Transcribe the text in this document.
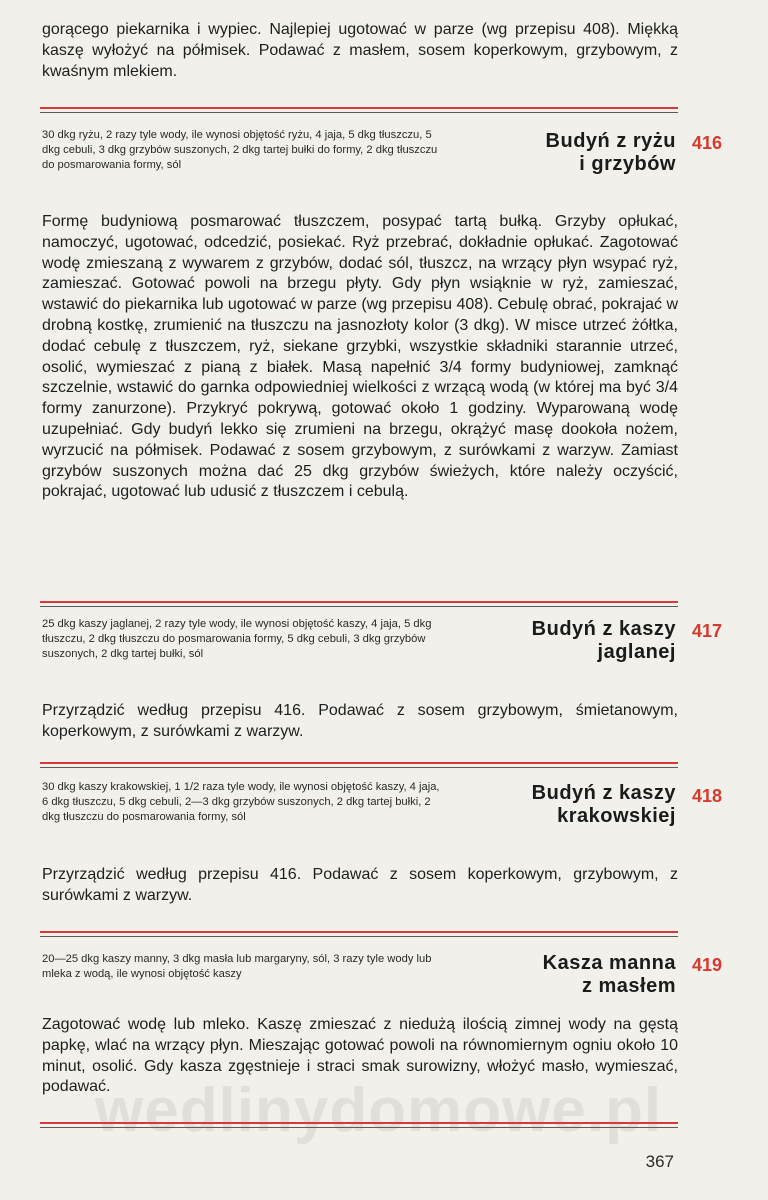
gorącego piekarnika i wypiec. Najlepiej ugotować w parze (wg przepisu 408). Miękką kaszę wyłożyć na półmisek. Podawać z masłem, sosem koperkowym, grzybowym, z kwaśnym mlekiem.

30 dkg ryżu, 2 razy tyle wody, ile wynosi objętość ryżu, 4 jaja, 5 dkg tłuszczu, 5 dkg cebuli, 3 dkg grzybów suszonych, 2 dkg tartej bułki do formy, 2 dkg tłuszczu do posmarowania formy, sól

Budyń z ryżu
i grzybów
416

Formę budyniową posmarować tłuszczem, posypać tartą bułką. Grzyby opłukać, namoczyć, ugotować, odcedzić, posiekać. Ryż przebrać, dokładnie opłukać. Zagotować wodę zmieszaną z wywarem z grzybów, dodać sól, tłuszcz, na wrzący płyn wsypać ryż, zamieszać. Gotować powoli na brzegu płyty. Gdy płyn wsiąknie w ryż, zamieszać, wstawić do piekarnika lub ugotować w parze (wg przepisu 408). Cebulę obrać, pokrajać w drobną kostkę, zrumienić na tłuszczu na jasnozłoty kolor (3 dkg). W misce utrzeć żółtka, dodać cebulę z tłuszczem, ryż, siekane grzybki, wszystkie składniki starannie utrzeć, osolić, wymieszać z pianą z białek. Masą napełnić 3/4 formy budyniowej, zamknąć szczelnie, wstawić do garnka odpowiedniej wielkości z wrzącą wodą (w której ma być 3/4 formy zanurzone). Przykryć pokrywą, gotować około 1 godziny. Wyparowaną wodę uzupełniać. Gdy budyń lekko się zrumieni na brzegu, okrążyć masę dookoła nożem, wyrzucić na półmisek. Podawać z sosem grzybowym, z surówkami z warzyw. Zamiast grzybów suszonych można dać 25 dkg grzybów świeżych, które należy oczyścić, pokrajać, ugotować lub udusić z tłuszczem i cebulą.

25 dkg kaszy jaglanej, 2 razy tyle wody, ile wynosi objętość kaszy, 4 jaja, 5 dkg tłuszczu, 2 dkg tłuszczu do posmarowania formy, 5 dkg cebuli, 3 dkg grzybów suszonych, 2 dkg tartej bułki, sól

Budyń z kaszy
jaglanej
417

Przyrządzić według przepisu 416. Podawać z sosem grzybowym, śmietanowym, koperkowym, z surówkami z warzyw.

30 dkg kaszy krakowskiej, 1 1/2 raza tyle wody, ile wynosi objętość kaszy, 4 jaja, 6 dkg tłuszczu, 5 dkg cebuli, 2—3 dkg grzybów suszonych, 2 dkg tartej bułki, 2 dkg tłuszczu do posmarowania formy, sól

Budyń z kaszy
krakowskiej
418

Przyrządzić według przepisu 416. Podawać z sosem koperkowym, grzybowym, z surówkami z warzyw.

20—25 dkg kaszy manny, 3 dkg masła lub margaryny, sól, 3 razy tyle wody lub mleka z wodą, ile wynosi objętość kaszy

Kasza manna
z masłem
419

Zagotować wodę lub mleko. Kaszę zmieszać z niedużą ilością zimnej wody na gęstą papkę, wlać na wrzący płyn. Mieszając gotować powoli na równomiernym ogniu około 10 minut, osolić. Gdy kasza zgęstnieje i straci smak surowizny, włożyć masło, wymieszać, podawać.

wedlinydomowe.pl
367
